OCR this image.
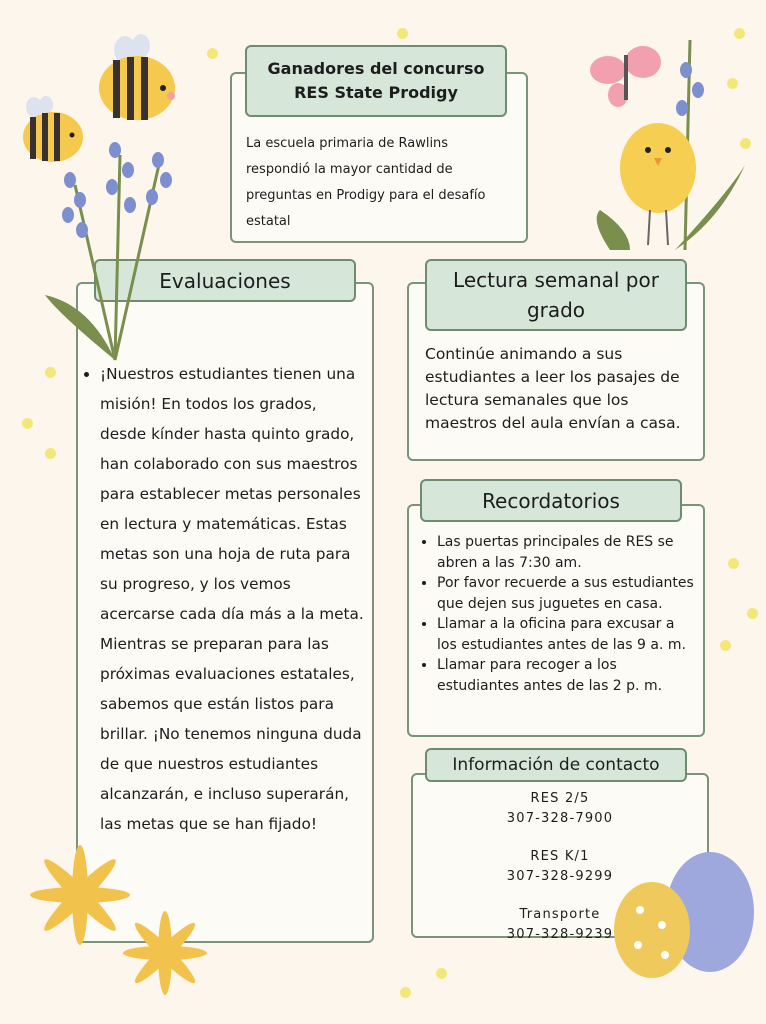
Ganadores del concurso
RES State Prodigy
La escuela primaria de Rawlins respondió la mayor cantidad de preguntas en Prodigy para el desafío estatal
Evaluaciones
• ¡Nuestros estudiantes tienen una misión! En todos los grados, desde kínder hasta quinto grado, han colaborado con sus maestros para establecer metas personales en lectura y matemáticas. Estas metas son una hoja de ruta para su progreso, y los vemos acercarse cada día más a la meta. Mientras se preparan para las próximas evaluaciones estatales, sabemos que están listos para brillar. ¡No tenemos ninguna duda de que nuestros estudiantes alcanzarán, e incluso superarán, las metas que se han fijado!
Lectura semanal por grado
Continúe animando a sus estudiantes a leer los pasajes de lectura semanales que los maestros del aula envían a casa.
Recordatorios
• Las puertas principales de RES se abren a las 7:30 am.
• Por favor recuerde a sus estudiantes que dejen sus juguetes en casa.
• Llamar a la oficina para excusar a los estudiantes antes de las 9 a. m.
• Llamar para recoger a los estudiantes antes de las 2 p. m.
Información de contacto
RES 2/5
307-328-7900
RES K/1
307-328-9299
Transporte
307-328-9239
